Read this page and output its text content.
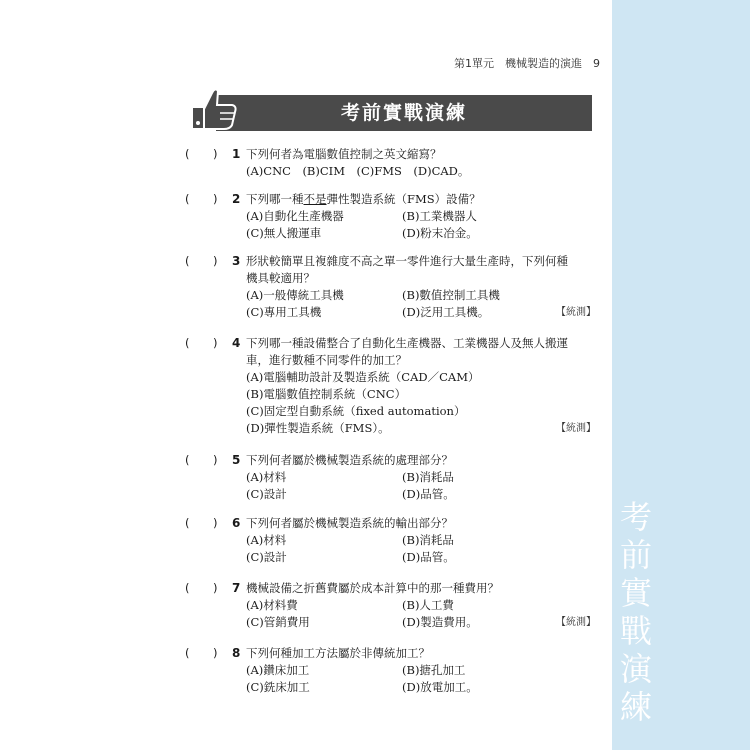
考
前
實
戰
演
練
第1單元　機械製造的演進　9
考前實戰演練
( ) 1 下列何者為電腦數值控制之英文縮寫？
(A)CNC　(B)CIM　(C)FMS　(D)CAD。
( ) 2 下列哪一種不是彈性製造系統（FMS）設備？
(A)自動化生產機器	(B)工業機器人
(C)無人搬運車	(D)粉末冶金。
( ) 3 形狀較簡單且複雜度不高之單一零件進行大量生產時，下列何種
機具較適用？
(A)一般傳統工具機	(B)數值控制工具機
(C)專用工具機	(D)泛用工具機。	【統測】
( ) 4 下列哪一種設備整合了自動化生產機器、工業機器人及無人搬運
車，進行數種不同零件的加工？
(A)電腦輔助設計及製造系統（CAD／CAM）
(B)電腦數值控制系統（CNC）
(C)固定型自動系統（fixed automation）
(D)彈性製造系統（FMS）。	【統測】
( ) 5 下列何者屬於機械製造系統的處理部分？
(A)材料	(B)消耗品
(C)設計	(D)品管。
( ) 6 下列何者屬於機械製造系統的輸出部分？
(A)材料	(B)消耗品
(C)設計	(D)品管。
( ) 7 機械設備之折舊費屬於成本計算中的那一種費用？
(A)材料費	(B)人工費
(C)管銷費用	(D)製造費用。	【統測】
( ) 8 下列何種加工方法屬於非傳統加工？
(A)鑽床加工	(B)搪孔加工
(C)銑床加工	(D)放電加工。
